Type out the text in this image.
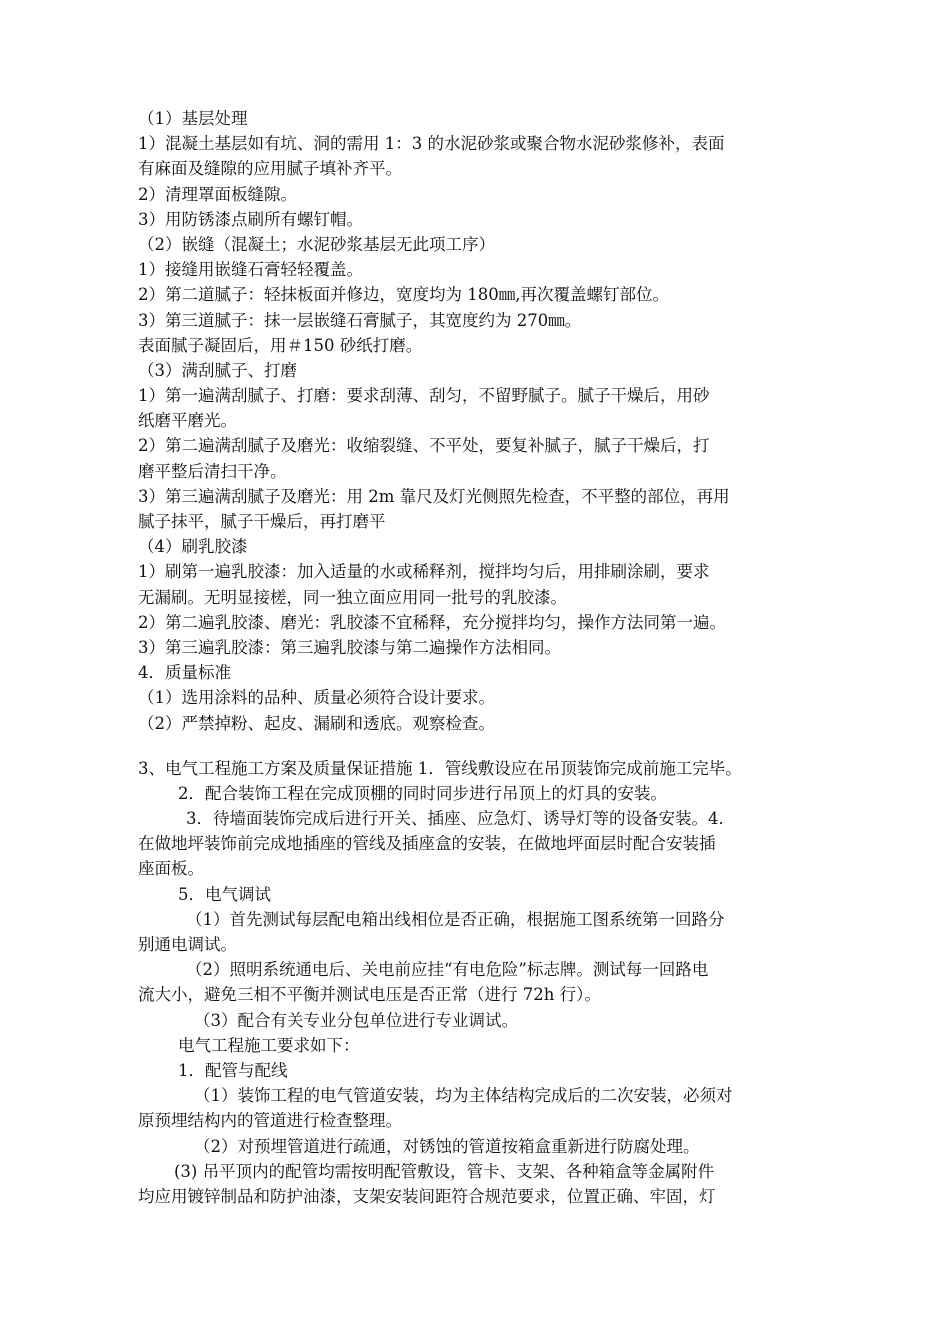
（1）基层处理
1）混凝土基层如有坑、洞的需用 1：3 的水泥砂浆或聚合物水泥砂浆修补，表面
有麻面及缝隙的应用腻子填补齐平。
2）清理罩面板缝隙。
3）用防锈漆点刷所有螺钉帽。
（2）嵌缝（混凝土；水泥砂浆基层无此项工序）
1）接缝用嵌缝石膏轻轻覆盖。
2）第二道腻子：轻抹板面并修边，宽度均为 180㎜,再次覆盖螺钉部位。
3）第三道腻子：抹一层嵌缝石膏腻子，其宽度约为 270㎜。
表面腻子凝固后，用＃150 砂纸打磨。
（3）满刮腻子、打磨
1）第一遍满刮腻子、打磨：要求刮薄、刮匀，不留野腻子。腻子干燥后，用砂
纸磨平磨光。
2）第二遍满刮腻子及磨光：收缩裂缝、不平处，要复补腻子，腻子干燥后，打
磨平整后清扫干净。
3）第三遍满刮腻子及磨光：用 2m 靠尺及灯光侧照先检查，不平整的部位，再用
腻子抹平，腻子干燥后，再打磨平
（4）刷乳胶漆
1）刷第一遍乳胶漆：加入适量的水或稀释剂，搅拌均匀后，用排刷涂刷，要求
无漏刷。无明显接槎，同一独立面应用同一批号的乳胶漆。
2）第二遍乳胶漆、磨光：乳胶漆不宜稀释，充分搅拌均匀，操作方法同第一遍。
3）第三遍乳胶漆：第三遍乳胶漆与第二遍操作方法相同。
4．质量标准
（1）选用涂料的品种、质量必须符合设计要求。
（2）严禁掉粉、起皮、漏刷和透底。观察检查。
3、电气工程施工方案及质量保证措施 1．管线敷设应在吊顶装饰完成前施工完毕。
2．配合装饰工程在完成顶棚的同时同步进行吊顶上的灯具的安装。
3．待墙面装饰完成后进行开关、插座、应急灯、诱导灯等的设备安装。4．
在做地坪装饰前完成地插座的管线及插座盒的安装，在做地坪面层时配合安装插
座面板。
5．电气调试
（1）首先测试每层配电箱出线相位是否正确，根据施工图系统第一回路分
别通电调试。
（2）照明系统通电后、关电前应挂“有电危险”标志牌。测试每一回路电
流大小，避免三相不平衡并测试电压是否正常（进行 72h 行）。
（3）配合有关专业分包单位进行专业调试。
电气工程施工要求如下：
1．配管与配线
（1）装饰工程的电气管道安装，均为主体结构完成后的二次安装，必须对
原预埋结构内的管道进行检查整理。
（2）对预埋管道进行疏通，对锈蚀的管道按箱盒重新进行防腐处理。
(3) 吊平顶内的配管均需按明配管敷设，管卡、支架、各种箱盒等金属附件
均应用镀锌制品和防护油漆，支架安装间距符合规范要求，位置正确、牢固，灯
